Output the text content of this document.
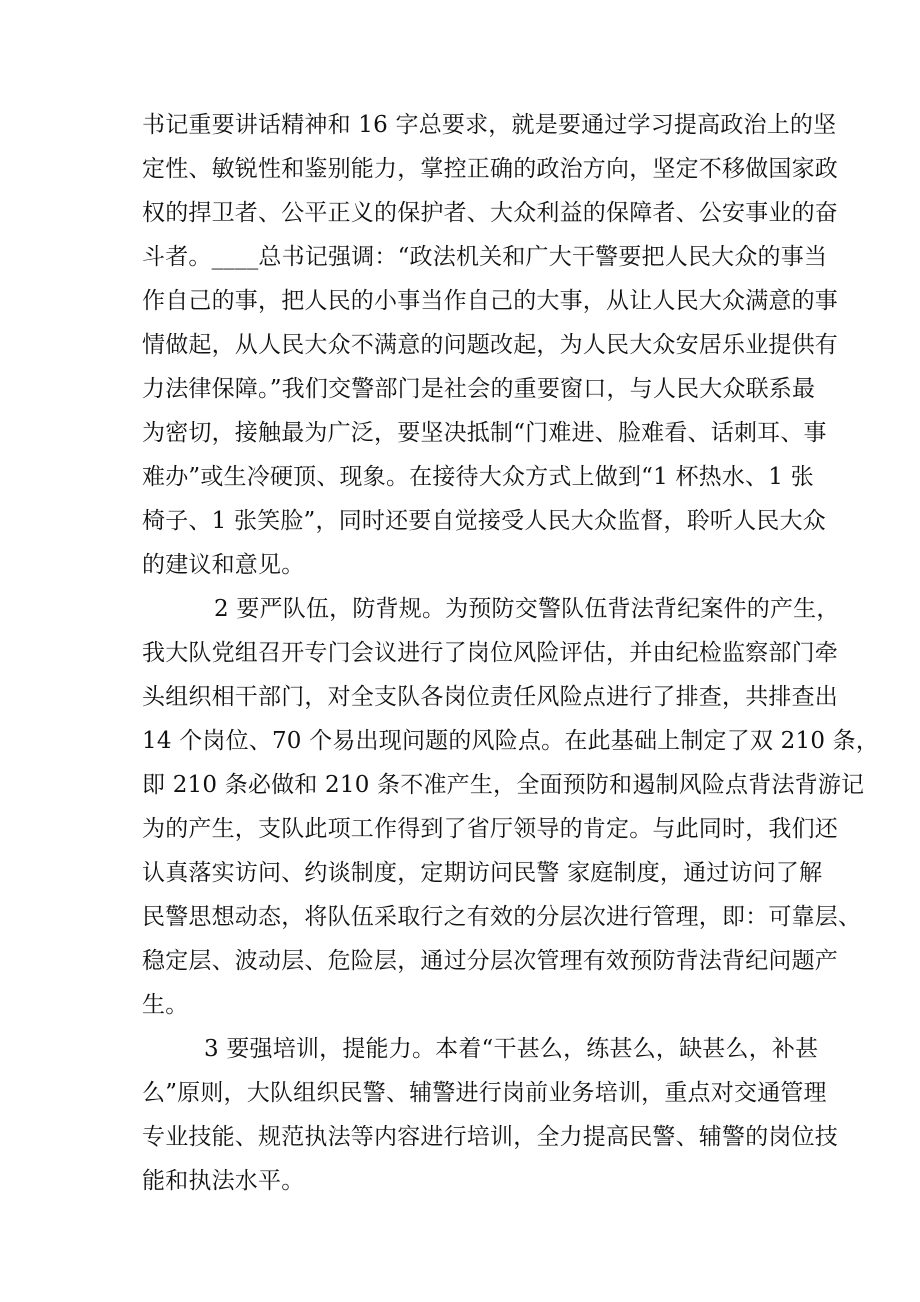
书记重要讲话精神和 16 字总要求，就是要通过学习提高政治上的坚
定性、敏锐性和鉴别能力，掌控正确的政治方向，坚定不移做国家政
权的捍卫者、公平正义的保护者、大众利益的保障者、公安事业的奋
斗者。____总书记强调：“政法机关和广大干警要把人民大众的事当
作自己的事，把人民的小事当作自己的大事，从让人民大众满意的事
情做起，从人民大众不满意的问题改起，为人民大众安居乐业提供有
力法律保障。”我们交警部门是社会的重要窗口，与人民大众联系最
为密切，接触最为广泛，要坚决抵制“门难进、脸难看、话刺耳、事
难办”或生冷硬顶、现象。在接待大众方式上做到“1 杯热水、1 张
椅子、1 张笑脸”，同时还要自觉接受人民大众监督，聆听人民大众
的建议和意见。
2 要严队伍，防背规。为预防交警队伍背法背纪案件的产生，
我大队党组召开专门会议进行了岗位风险评估，并由纪检监察部门牵
头组织相干部门，对全支队各岗位责任风险点进行了排查，共排查出
14 个岗位、70 个易出现问题的风险点。在此基础上制定了双 210 条，
即 210 条必做和 210 条不准产生，全面预防和遏制风险点背法背游记
为的产生，支队此项工作得到了省厅领导的肯定。与此同时，我们还
认真落实访问、约谈制度，定期访问民警 家庭制度，通过访问了解
民警思想动态，将队伍采取行之有效的分层次进行管理，即：可靠层、
稳定层、波动层、危险层，通过分层次管理有效预防背法背纪问题产
生。
3 要强培训，提能力。本着“干甚么，练甚么，缺甚么，补甚
么”原则，大队组织民警、辅警进行岗前业务培训，重点对交通管理
专业技能、规范执法等内容进行培训，全力提高民警、辅警的岗位技
能和执法水平。
